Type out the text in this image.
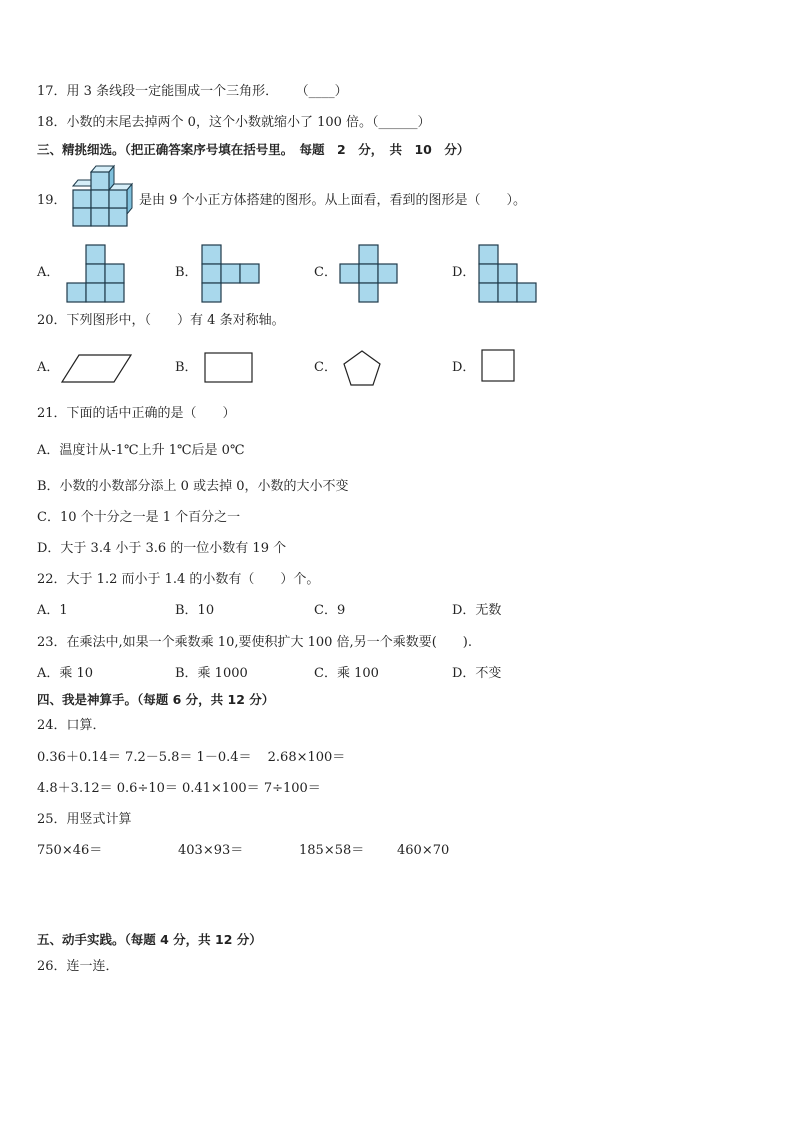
17．用 3 条线段一定能围成一个三角形． （____）
18．小数的末尾去掉两个 0，这个小数就缩小了 100 倍。（______）
三、精挑细选。（把正确答案序号填在括号里。　每题　2　分，　共　10　分）
19．	是由 9 个小正方体搭建的图形。从上面看，看到的图形是（　　）。
A．	B．	C．	D．
20．下列图形中，（　　）有 4 条对称轴。
A．	B．	C．	D．
21．下面的话中正确的是（　　）
A．温度计从-1℃上升 1℃后是 0℃
B．小数的小数部分添上 0 或去掉 0，小数的大小不变
C．10 个十分之一是 1 个百分之一
D．大于 3.4 小于 3.6 的一位小数有 19 个
22．大于 1.2 而小于 1.4 的小数有（　　）个。
A．1	B．10	C．9	D．无数
23．在乘法中,如果一个乘数乘 10,要使积扩大 100 倍,另一个乘数要(　　).
A．乘 10	B．乘 1000	C．乘 100	D．不变
四、我是神算手。（每题 6 分，共 12 分）
24．口算．
0.36＋0.14＝ 7.2－5.8＝ 1－0.4＝ 2.68×100＝
4.8＋3.12＝ 0.6÷10＝ 0.41×100＝ 7÷100＝
25．用竖式计算
750×46＝	403×93＝	185×58＝	460×70
五、动手实践。（每题 4 分，共 12 分）
26．连一连．
